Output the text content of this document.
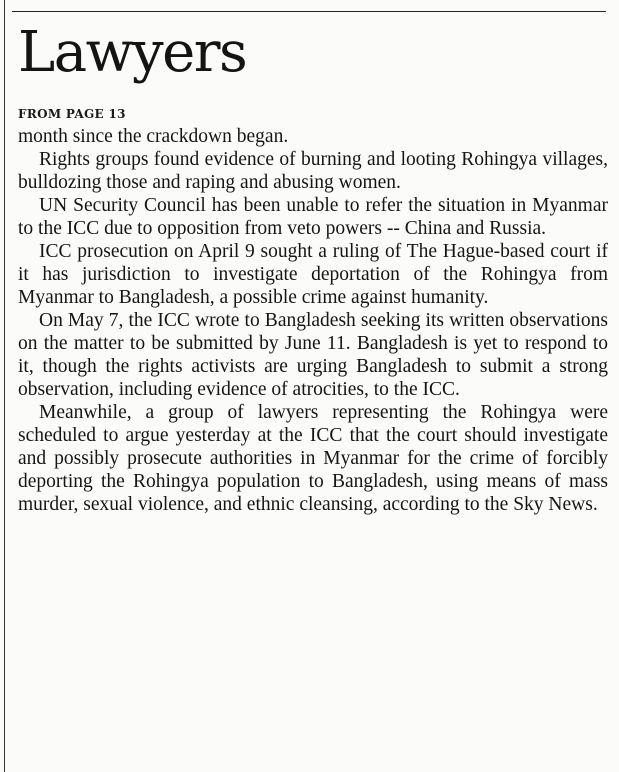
Lawyers
FROM PAGE 13

month since the crackdown began.

Rights groups found evidence of burning and looting Rohingya villages, bulldozing those and raping and abusing women.

UN Security Council has been unable to refer the situation in Myanmar to the ICC due to opposition from veto powers -- China and Russia.

ICC prosecution on April 9 sought a ruling of The Hague-based court if it has jurisdiction to investigate deportation of the Rohingya from Myanmar to Bangladesh, a possible crime against humanity.

On May 7, the ICC wrote to Bangladesh seeking its written observations on the matter to be submitted by June 11. Bangladesh is yet to respond to it, though the rights activists are urging Bangladesh to submit a strong observation, including evidence of atrocities, to the ICC.

Meanwhile, a group of lawyers representing the Rohingya were scheduled to argue yesterday at the ICC that the court should investigate and possibly prosecute authorities in Myanmar for the crime of forcibly deporting the Rohingya population to Bangladesh, using means of mass murder, sexual violence, and ethnic cleansing, according to the Sky News.
